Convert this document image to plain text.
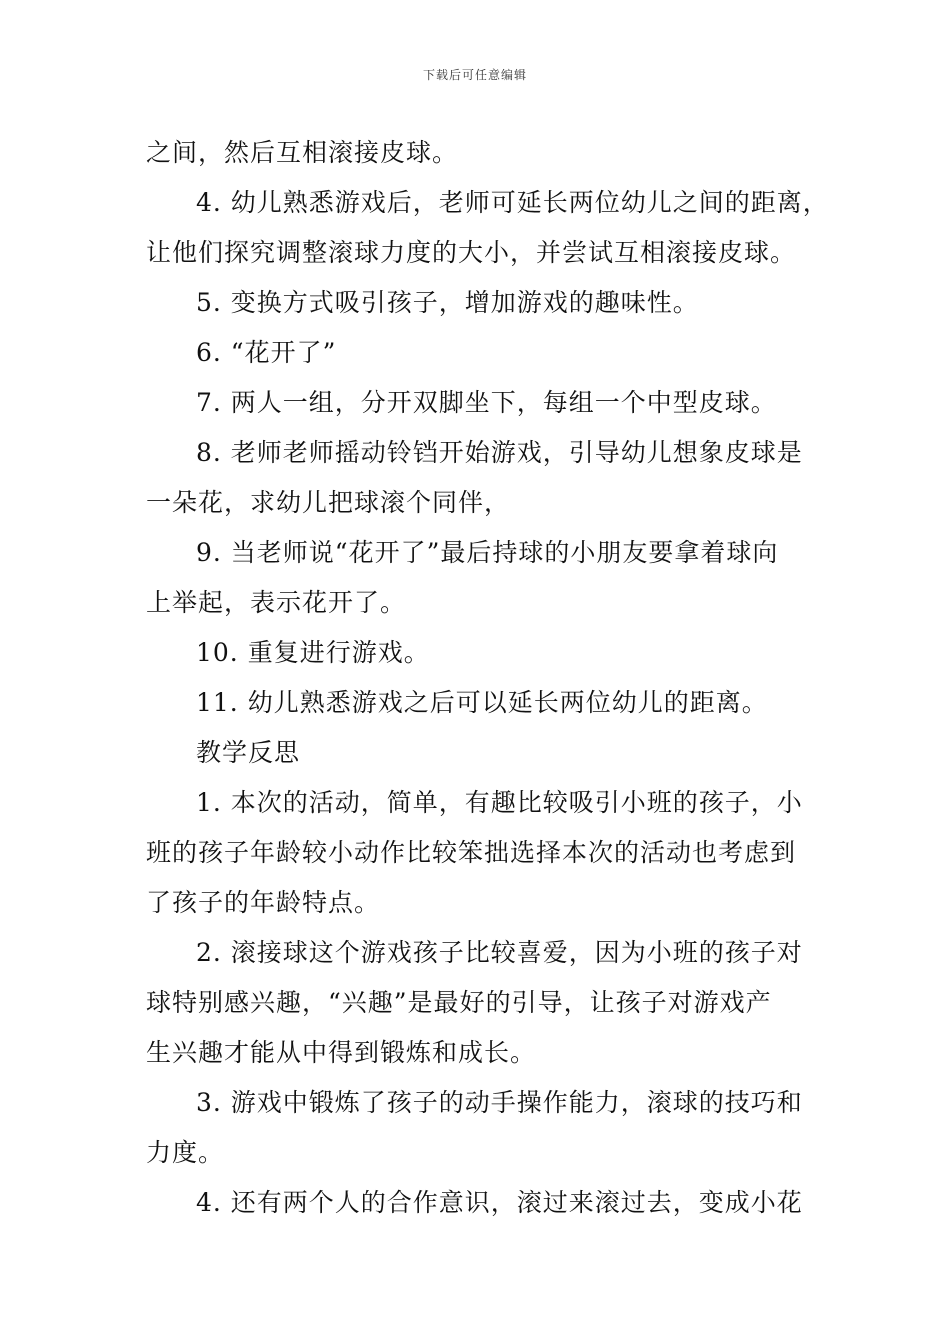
下载后可任意编辑

之间，然后互相滚接皮球。

4. 幼儿熟悉游戏后，老师可延长两位幼儿之间的距离，

让他们探究调整滚球力度的大小，并尝试互相滚接皮球。

5. 变换方式吸引孩子，增加游戏的趣味性。

6. “花开了”

7. 两人一组，分开双脚坐下，每组一个中型皮球。

8. 老师老师摇动铃铛开始游戏，引导幼儿想象皮球是

一朵花，求幼儿把球滚个同伴，

9. 当老师说“花开了”最后持球的小朋友要拿着球向

上举起，表示花开了。

10. 重复进行游戏。

11. 幼儿熟悉游戏之后可以延长两位幼儿的距离。

教学反思

1. 本次的活动，简单，有趣比较吸引小班的孩子，小

班的孩子年龄较小动作比较笨拙选择本次的活动也考虑到

了孩子的年龄特点。

2. 滚接球这个游戏孩子比较喜爱，因为小班的孩子对

球特别感兴趣，“兴趣”是最好的引导，让孩子对游戏产

生兴趣才能从中得到锻炼和成长。

3. 游戏中锻炼了孩子的动手操作能力，滚球的技巧和

力度。

4. 还有两个人的合作意识，滚过来滚过去，变成小花
